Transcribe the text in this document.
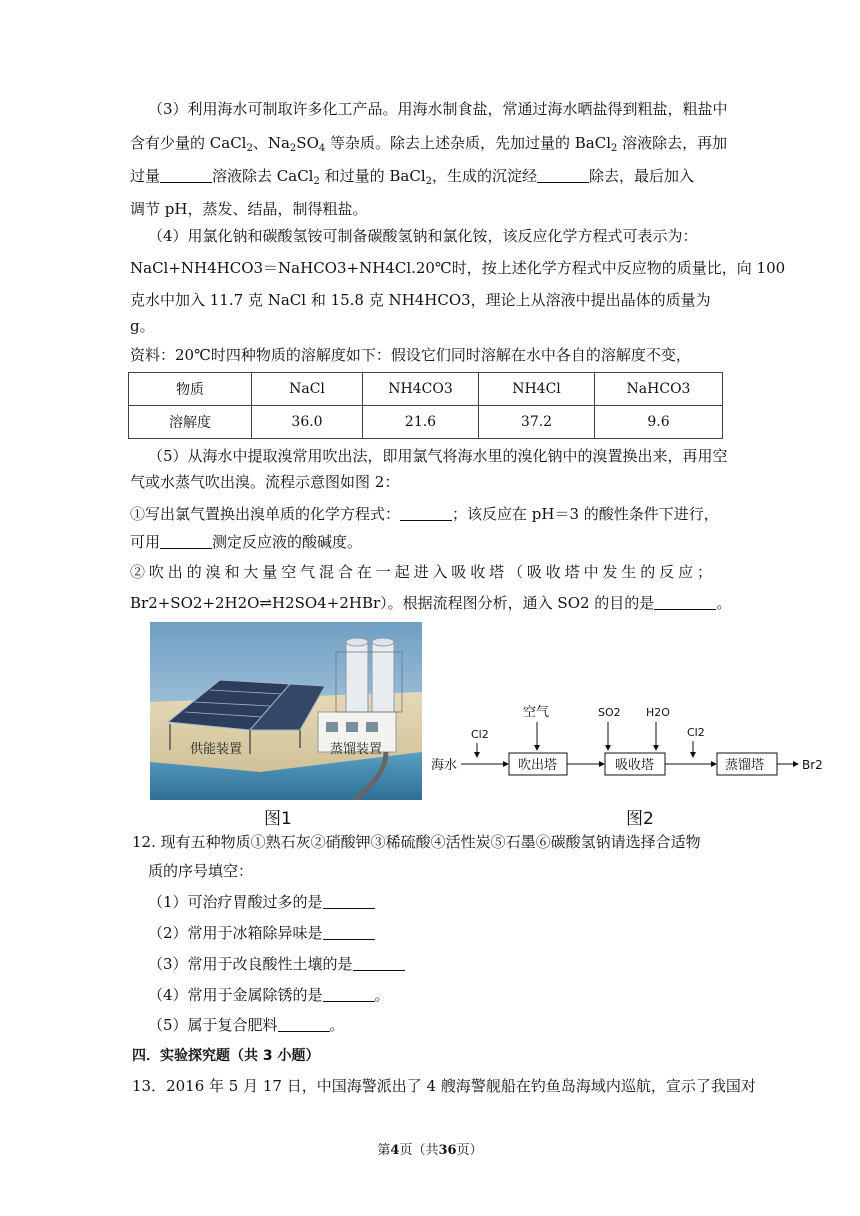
（3）利用海水可制取许多化工产品。用海水制食盐，常通过海水晒盐得到粗盐，粗盐中
含有少量的 CaCl$_2$、$Na_2SO_4$ 等杂质。除去上述杂质，先加过量的 BaCl$_2$ 溶液除去，再加
过量	溶液除去 CaCl$_2$ 和过量的 BaCl$_2$，生成的沉淀经	除去，最后加入
调节 pH，蒸发、结晶，制得粗盐。
（4）用氯化钠和碳酸氢铵可制备碳酸氢钠和氯化铵，该反应化学方程式可表示为：
NaCl+NH4HCO3＝NaHCO3+NH4Cl.20℃时，按上述化学方程式中反应物的质量比，向 100
克水中加入 11.7 克 NaCl 和 15.8 克 NH4HCO3，理论上从溶液中提出晶体的质量为
g。
资料：20℃时四种物质的溶解度如下：假设它们同时溶解在水中各自的溶解度不变，
物质	NaCl	NH4CO3	NH4Cl	NaHCO3
溶解度	36.0	21.6	37.2	9.6
（5）从海水中提取溴常用吹出法，即用氯气将海水里的溴化钠中的溴置换出来，再用空
气或水蒸气吹出溴。流程示意图如图 2：
①写出氯气置换出溴单质的化学方程式：	；该反应在 pH＝3 的酸性条件下进行，
可用	测定反应液的酸碱度。
②吹出的溴和大量空气混合在一起进入吸收塔（吸收塔中发生的反应；
Br2+SO2+2H2O⇌H2SO4+2HBr）。根据流程图分析，通入 SO2 的目的是	。
供能装置	蒸馏装置
图1
海水
Cl2
吹出塔
空气
吸收塔
SO2 H2O
Cl2
蒸馏塔	Br2
图2
12. 现有五种物质①熟石灰②硝酸钾③稀硫酸④活性炭⑤石墨⑥碳酸氢钠请选择合适物
质的序号填空：
（1）可治疗胃酸过多的是
（2）常用于冰箱除异味是
（3）常用于改良酸性土壤的是
（4）常用于金属除锈的是	。
（5）属于复合肥料	。
四．实验探究题（共 3 小题）
13．2016 年 5 月 17 日，中国海警派出了 4 艘海警舰船在钓鱼岛海域内巡航，宣示了我国对
第4页（共36页）
